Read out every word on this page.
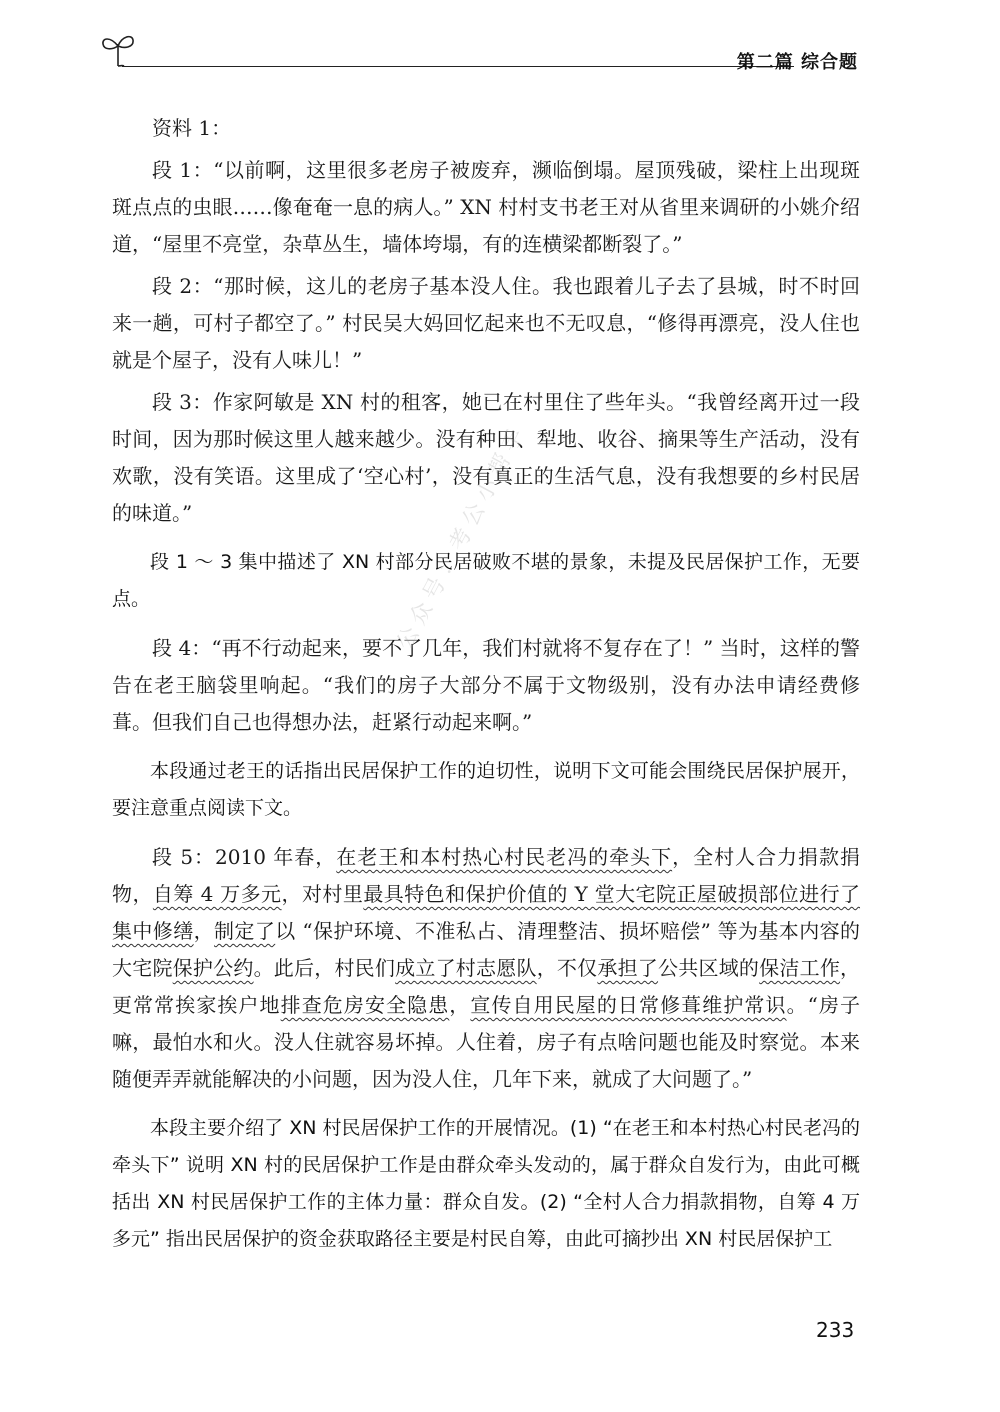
第二篇 综合题

资料 1：

段 1：“以前啊，这里很多老房子被废弃，濒临倒塌。屋顶残破，梁柱上出现斑斑点点的虫眼……像奄奄一息的病人。” XN 村村支书老王对从省里来调研的小姚介绍道，“屋里不亮堂，杂草丛生，墙体垮塌，有的连横梁都断裂了。”

段 2：“那时候，这儿的老房子基本没人住。我也跟着儿子去了县城，时不时回来一趟，可村子都空了。” 村民吴大妈回忆起来也不无叹息，“修得再漂亮，没人住也就是个屋子，没有人味儿！”

段 3：作家阿敏是 XN 村的租客，她已在村里住了些年头。“我曾经离开过一段时间，因为那时候这里人越来越少。没有种田、犁地、收谷、摘果等生产活动，没有欢歌，没有笑语。这里成了‘空心村’，没有真正的生活气息，没有我想要的乡村民居的味道。”

段 1 ～ 3 集中描述了 XN 村部分民居破败不堪的景象，未提及民居保护工作，无要点。

段 4：“再不行动起来，要不了几年，我们村就将不复存在了！” 当时，这样的警告在老王脑袋里响起。“我们的房子大部分不属于文物级别，没有办法申请经费修葺。但我们自己也得想办法，赶紧行动起来啊。”

本段通过老王的话指出民居保护工作的迫切性，说明下文可能会围绕民居保护展开，要注意重点阅读下文。

段 5：2010 年春，在老王和本村热心村民老冯的牵头下，全村人合力捐款捐物，自筹 4 万多元，对村里最具特色和保护价值的 Y 堂大宅院正屋破损部位进行了集中修缮，制定了以 “保护环境、不准私占、清理整洁、损坏赔偿” 等为基本内容的大宅院保护公约。此后，村民们成立了村志愿队，不仅承担了公共区域的保洁工作，更常常挨家挨户地排查危房安全隐患，宣传自用民屋的日常修葺维护常识。“房子嘛，最怕水和火。没人住就容易坏掉。人住着，房子有点啥问题也能及时察觉。本来随便弄弄就能解决的小问题，因为没人住，几年下来，就成了大问题了。”

本段主要介绍了 XN 村民居保护工作的开展情况。(1) “在老王和本村热心村民老冯的牵头下” 说明 XN 村的民居保护工作是由群众牵头发动的，属于群众自发行为，由此可概括出 XN 村民居保护工作的主体力量：群众自发。(2) “全村人合力捐款捐物，自筹 4 万多元” 指出民居保护的资金获取路径主要是村民自筹，由此可摘抄出 XN 村民居保护工

公众号：考公小帮手
233
